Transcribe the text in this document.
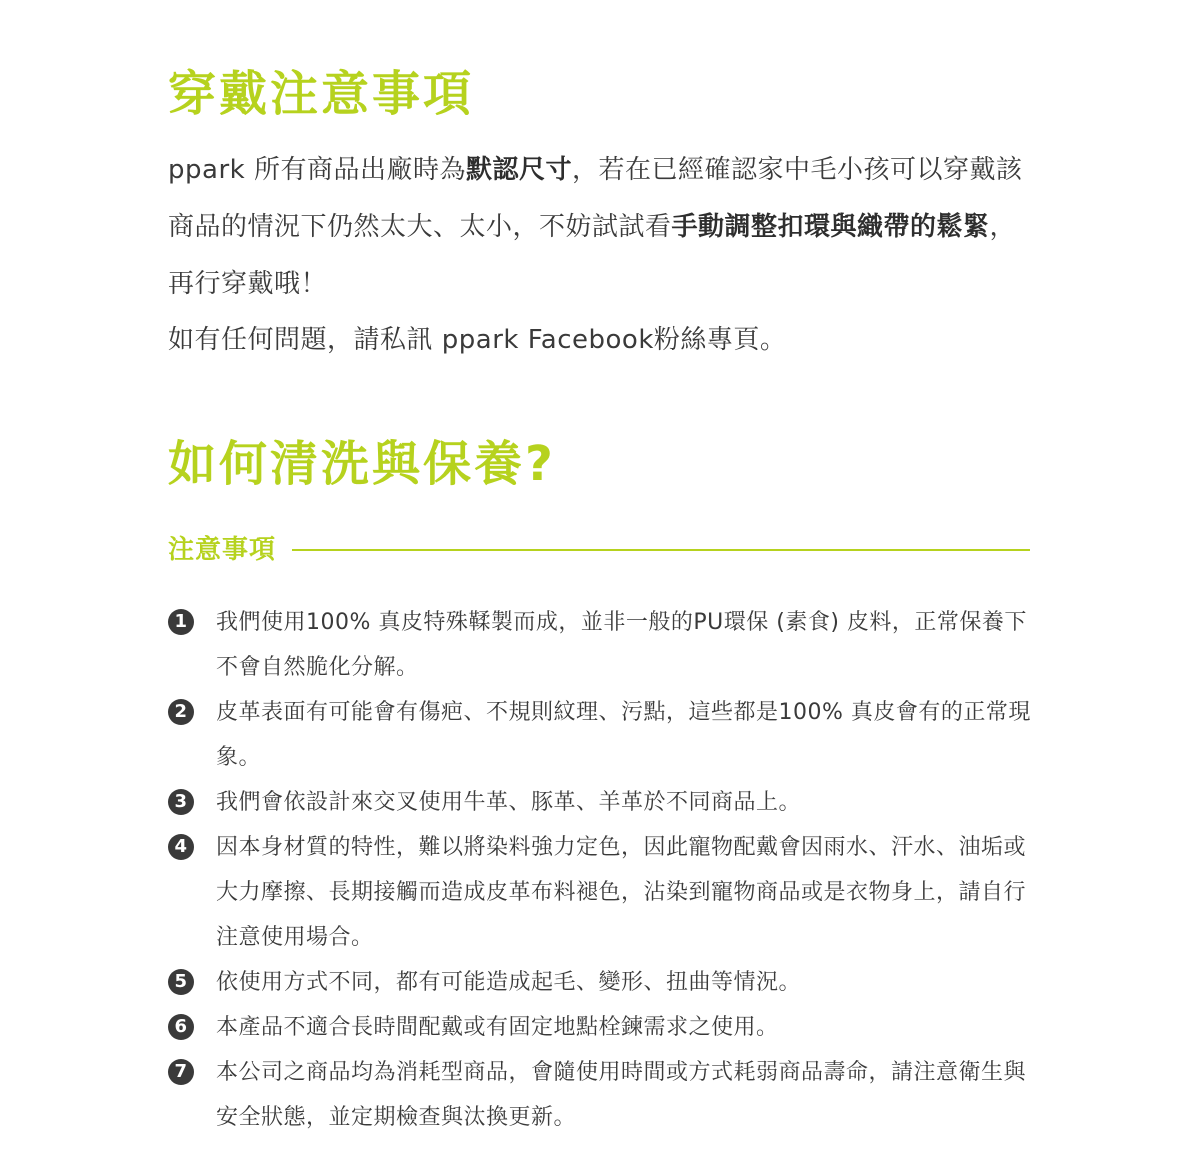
穿戴注意事項
ppark 所有商品出廠時為默認尺寸，若在已經確認家中毛小孩可以穿戴該商品的情況下仍然太大、太小，不妨試試看手動調整扣環與織帶的鬆緊，再行穿戴哦！
如有任何問題，請私訊 ppark Facebook粉絲專頁。
如何清洗與保養?
注意事項
1 我們使用100% 真皮特殊鞣製而成，並非一般的PU環保 (素食) 皮料，正常保養下不會自然脆化分解。
2 皮革表面有可能會有傷疤、不規則紋理、污點，這些都是100% 真皮會有的正常現象。
3 我們會依設計來交叉使用牛革、豚革、羊革於不同商品上。
4 因本身材質的特性，難以將染料強力定色，因此寵物配戴會因雨水、汗水、油垢或大力摩擦、長期接觸而造成皮革布料褪色，沾染到寵物商品或是衣物身上，請自行注意使用場合。
5 依使用方式不同，都有可能造成起毛、變形、扭曲等情況。
6 本產品不適合長時間配戴或有固定地點栓鍊需求之使用。
7 本公司之商品均為消耗型商品，會隨使用時間或方式耗弱商品壽命，請注意衛生與安全狀態，並定期檢查與汰換更新。
